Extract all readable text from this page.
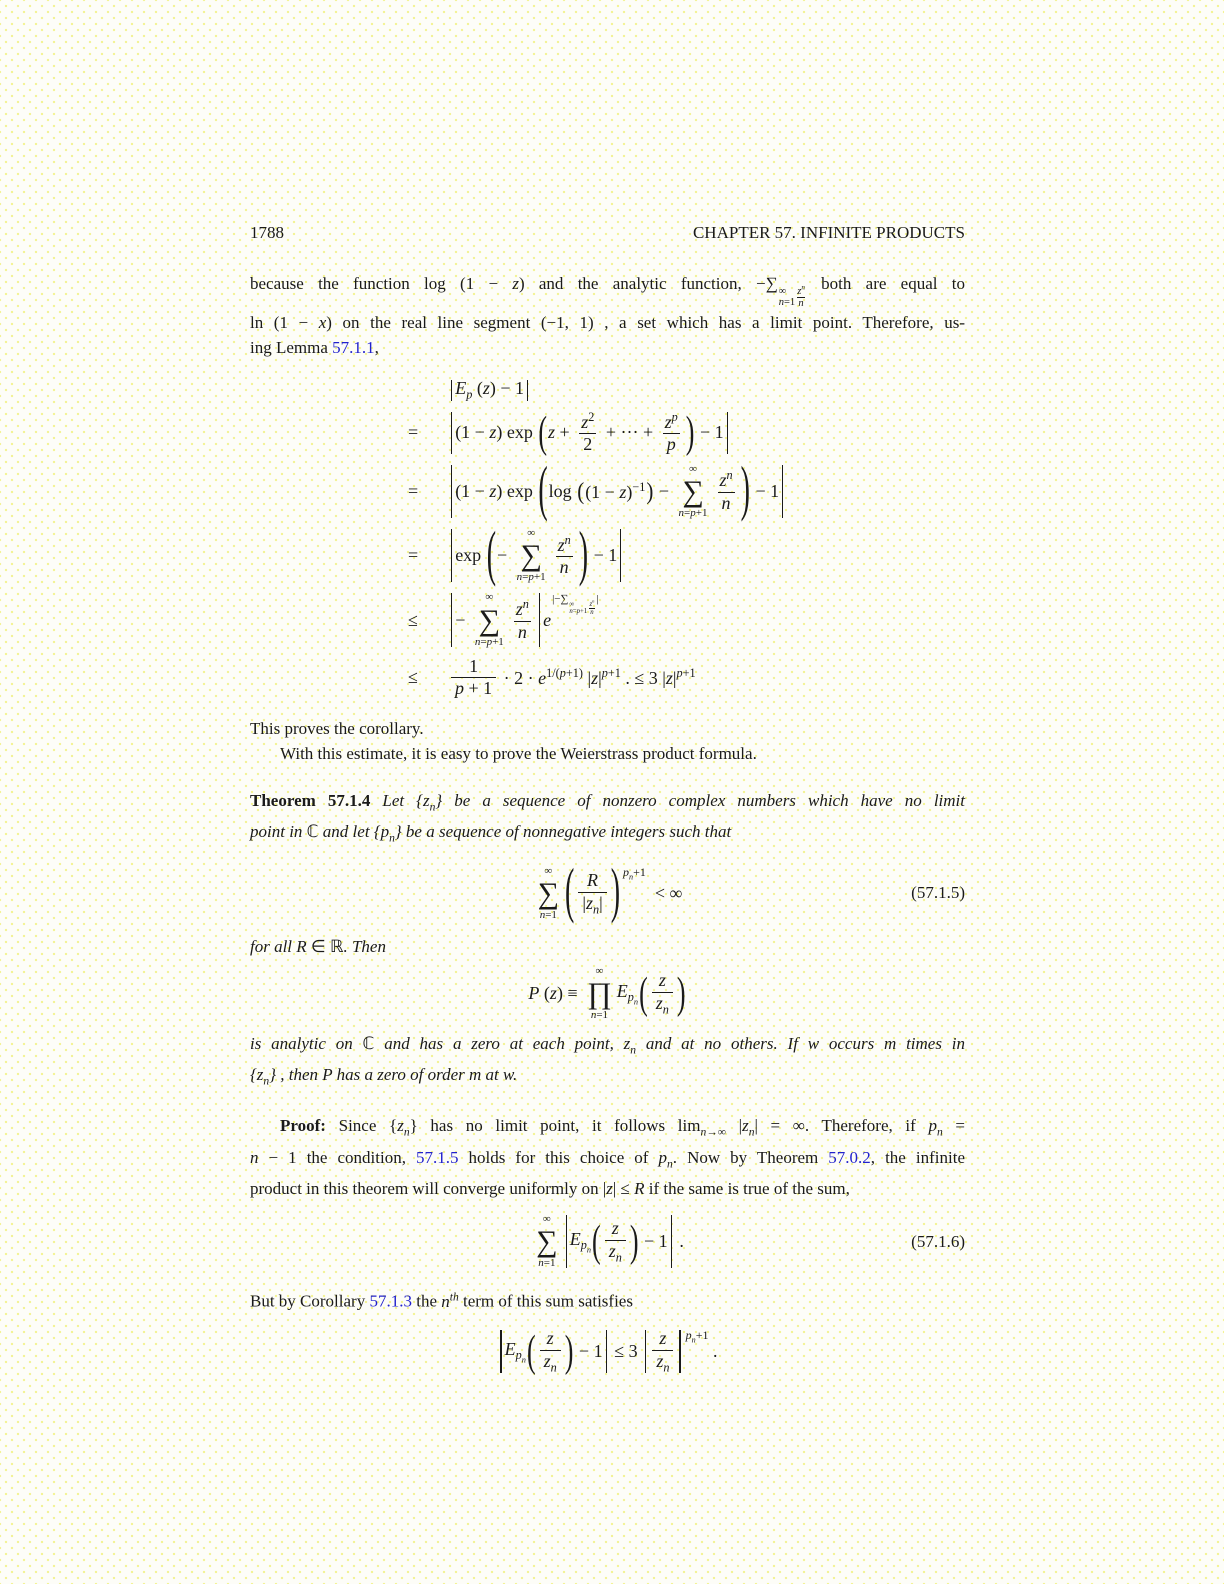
1788	CHAPTER 57. INFINITE PRODUCTS

because the function log (1 − z) and the analytic function, −∑ ∞
$n=1 \frac{z^n}{n}$
both are equal to
ln (1 − x) on the real line segment (−1, 1) , a set which has a limit point. Therefore, us-
ing Lemma 57.1.1,

$E_p$ (z) − 1
=	(1 − z) exp ( $z + \frac{z^2}{2}$ + ··· + $\frac{z^p}{p}$ ) − 1
=	(1 − z) exp ( log ( $(1 - z)^{-1}$ ) −
∞
∑
$n=p+1 \frac{z^n}{n}$ ) − 1
=	exp ( −
∞
∑
$n=p+1 \frac{z^n}{n}$ ) − 1
≤	−
∞
∑
$n=p+1 \frac{z^n}{n}$ e
|−∑ ∞
$n=p+1 \frac{z^n}{n}$ |
≤	$\frac{1}{p + 1} \cdot 2 \cdot e^{1/(p+1)}$ $|z|^{p+1}$ . ≤ 3 $|z|^{p+1}$

This proves the corollary.
With this estimate, it is easy to prove the Weierstrass product formula.

Theorem 57.1.4 Let $\{z_n\}$ be a sequence of nonzero complex numbers which have no limit
point in ℂ and let $\{p_n\}$ be a sequence of nonnegative integers such that

∞
∑
n=1 ( $\frac{R}{|z_n|}$ ) $p_n+1$
< ∞	(57.1.5)

for all R ∈ ℝ. Then

P (z) ≡
∞
∏
n=1
$E_{p_n}$ ( $\frac{z}{z_n}$ )

is analytic on ℂ and has a zero at each point, $z_n$ and at no others. If w occurs m times in
$\{z_n\}$ , then P has a zero of order m at w.

Proof: Since $\{z_n\}$ has no limit point, it follows $\lim_{n\to\infty} |z_n|$ = ∞. Therefore, if $p_n$ =
n − 1 the condition, 57.1.5 holds for this choice of $p_n$. Now by Theorem 57.0.2, the infinite
product in this theorem will converge uniformly on |z| ≤ R if the same is true of the sum,

∞
∑
n=1
$E_{p_n}$ ( $\frac{z}{z_n}$ ) − 1 .	(57.1.6)

But by Corollary 57.1.3 the $n^{th}$ term of this sum satisfies

$E_{p_n}$ ( $\frac{z}{z_n}$ ) − $1 \le 3 \frac{z}{z_n} p_n+1$
.
